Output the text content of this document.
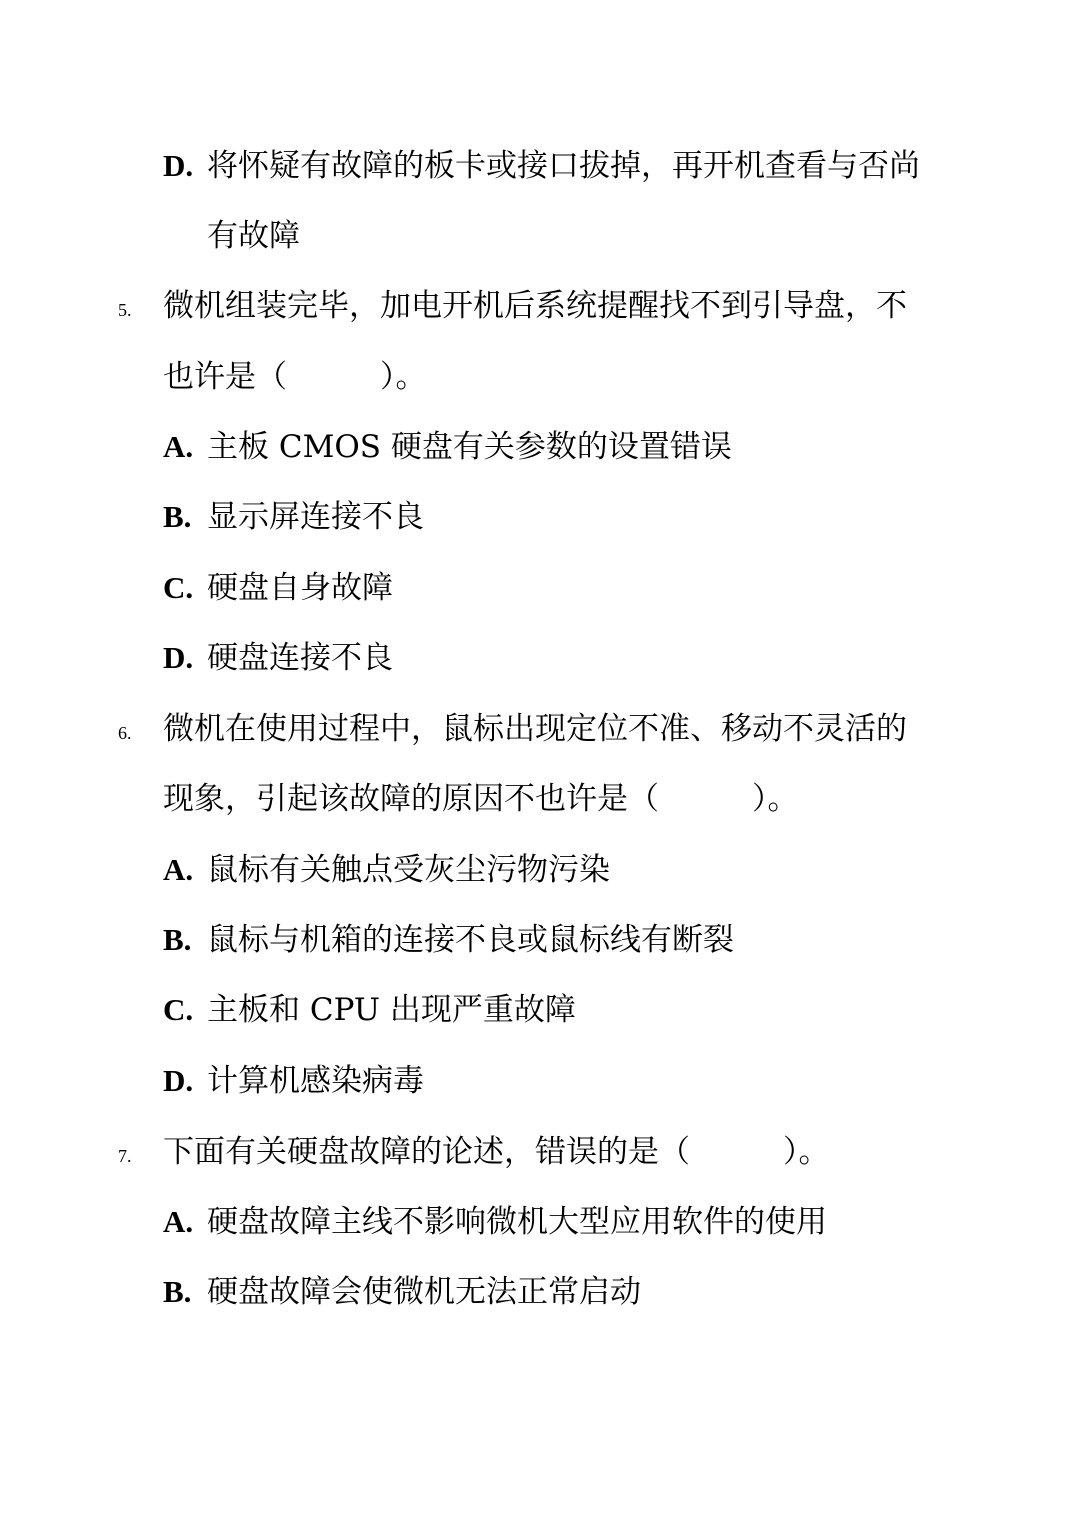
D. 将怀疑有故障的板卡或接口拔掉，再开机查看与否尚
有故障
5. 微机组装完毕，加电开机后系统提醒找不到引导盘，不
也许是（　　　）。
A. 主板 CMOS 硬盘有关参数的设置错误
B. 显示屏连接不良
C. 硬盘自身故障
D. 硬盘连接不良
6. 微机在使用过程中，鼠标出现定位不准、移动不灵活的
现象，引起该故障的原因不也许是（　　　）。
A. 鼠标有关触点受灰尘污物污染
B. 鼠标与机箱的连接不良或鼠标线有断裂
C. 主板和 CPU 出现严重故障
D. 计算机感染病毒
7. 下面有关硬盘故障的论述，错误的是（　　　）。
A. 硬盘故障主线不影响微机大型应用软件的使用
B. 硬盘故障会使微机无法正常启动
